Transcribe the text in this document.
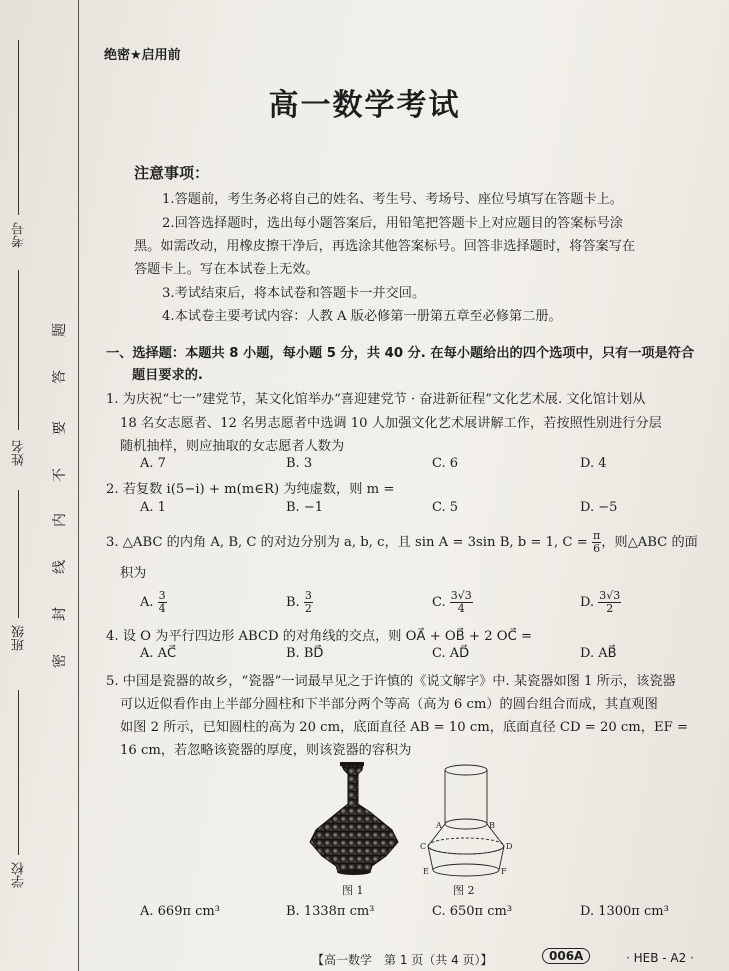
考号
姓名
班级
学校
题
答
要
不
内
线
封
密
绝密★启用前
高一数学考试
注意事项：
1.答题前，考生务必将自己的姓名、考生号、考场号、座位号填写在答题卡上。
2.回答选择题时，选出每小题答案后，用铅笔把答题卡上对应题目的答案标号涂
黑。如需改动，用橡皮擦干净后，再选涂其他答案标号。回答非选择题时，将答案写在
答题卡上。写在本试卷上无效。
3.考试结束后，将本试卷和答题卡一并交回。
4.本试卷主要考试内容：人教 A 版必修第一册第五章至必修第二册。
一、选择题：本题共 8 小题，每小题 5 分，共 40 分. 在每小题给出的四个选项中，只有一项是符合
题目要求的.
1. 为庆祝“七一”建党节，某文化馆举办“喜迎建党节 · 奋进新征程”文化艺术展. 文化馆计划从
18 名女志愿者、12 名男志愿者中选调 10 人加强文化艺术展讲解工作，若按照性别进行分层
随机抽样，则应抽取的女志愿者人数为
A. 7	B. 3	C. 6	D. 4
2. 若复数 i(5−i) + m(m∈R) 为纯虚数，则 m =
A. 1	B. −1	C. 5	D. −5
3. △ABC 的内角 A, B, C 的对边分别为 a, b, c，且 sin A = 3sin B, b = 1, $C = \frac{\pi}{6}$ ，则△ABC 的面
积为
A. $\frac{3}{4}$	B. $\frac{3}{2}$	C. $\frac{3√3}{4}$	D. $\frac{3√3}{2}$
4. 设 O 为平行四边形 ABCD 的对角线的交点，则 OA⃗ + OB⃗ + 2 OC⃗ =
A. AC⃗	B. BD⃗	C. AD⃗	D. AB⃗
5. 中国是瓷器的故乡，“瓷器”一词最早见之于许慎的《说文解字》中. 某瓷器如图 1 所示，该瓷器
可以近似看作由上半部分圆柱和下半部分两个等高（高为 6 cm）的圆台组合而成，其直观图
如图 2 所示，已知圆柱的高为 20 cm，底面直径 AB = 10 cm，底面直径 CD = 20 cm，EF =
16 cm，若忽略该瓷器的厚度，则该瓷器的容积为
图 1
A	B
C	D
E	F
图 2
A. 669π cm³	B. 1338π cm³	C. 650π cm³	D. 1300π cm³
【高一数学　第 1 页（共 4 页）】	006A	· HEB - A2 ·
